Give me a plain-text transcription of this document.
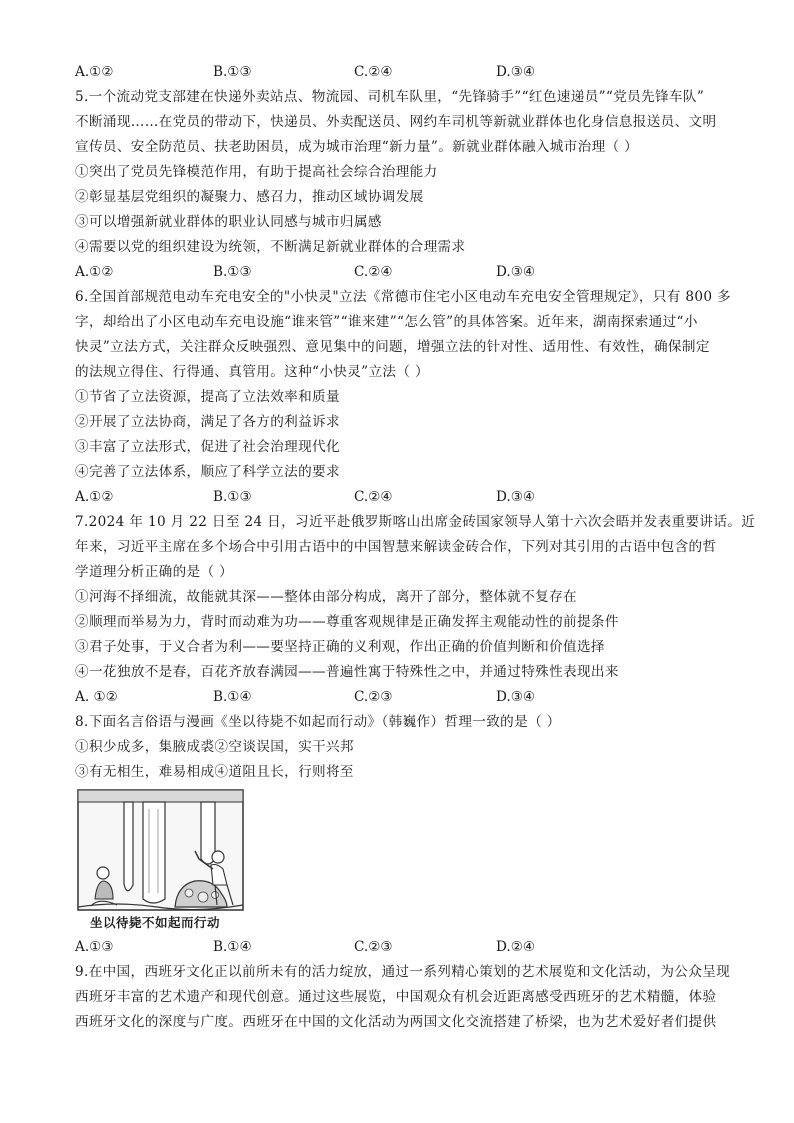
A.①②	B.①③	C.②④	D.③④
5.一个流动党支部建在快递外卖站点、物流园、司机车队里，“先锋骑手”“红色速递员”“党员先锋车队”
不断涌现……在党员的带动下，快递员、外卖配送员、网约车司机等新就业群体也化身信息报送员、文明
宣传员、安全防范员、扶老助困员，成为城市治理“新力量”。新就业群体融入城市治理（ ）
①突出了党员先锋模范作用，有助于提高社会综合治理能力
②彰显基层党组织的凝聚力、感召力，推动区域协调发展
③可以增强新就业群体的职业认同感与城市归属感
④需要以党的组织建设为统领，不断满足新就业群体的合理需求
A.①②	B.①③	C.②④	D.③④
6.全国首部规范电动车充电安全的"小快灵"立法《常德市住宅小区电动车充电安全管理规定》，只有 800 多
字，却给出了小区电动车充电设施“谁来管”“谁来建”“怎么管”的具体答案。近年来，湖南探索通过“小
快灵”立法方式，关注群众反映强烈、意见集中的问题，增强立法的针对性、适用性、有效性，确保制定
的法规立得住、行得通、真管用。这种“小快灵”立法（ ）
①节省了立法资源，提高了立法效率和质量
②开展了立法协商，满足了各方的利益诉求
③丰富了立法形式，促进了社会治理现代化
④完善了立法体系，顺应了科学立法的要求
A.①②	B.①③	C.②④	D.③④
7.2024 年 10 月 22 日至 24 日，习近平赴俄罗斯喀山出席金砖国家领导人第十六次会晤并发表重要讲话。近
年来，习近平主席在多个场合中引用古语中的中国智慧来解读金砖合作，下列对其引用的古语中包含的哲
学道理分析正确的是（ ）
①河海不择细流，故能就其深——整体由部分构成，离开了部分，整体就不复存在
②顺理而举易为力，背时而动难为功——尊重客观规律是正确发挥主观能动性的前提条件
③君子处事，于义合者为利——要坚持正确的义利观，作出正确的价值判断和价值选择
④一花独放不是春，百花齐放春满园——普遍性寓于特殊性之中，并通过特殊性表现出来
A. ①②	B.①④	C.②③	D.③④
8.下面名言俗语与漫画《坐以待毙不如起而行动》（韩巍作）哲理一致的是（ ）
①积少成多，集腋成裘②空谈误国，实干兴邦
③有无相生，难易相成④道阻且长，行则将至
坐以待毙不如起而行动
A.①③	B.①④	C.②③	D.②④
9.在中国，西班牙文化正以前所未有的活力绽放，通过一系列精心策划的艺术展览和文化活动，为公众呈现
西班牙丰富的艺术遗产和现代创意。通过这些展览，中国观众有机会近距离感受西班牙的艺术精髓，体验
西班牙文化的深度与广度。西班牙在中国的文化活动为两国文化交流搭建了桥梁，也为艺术爱好者们提供
